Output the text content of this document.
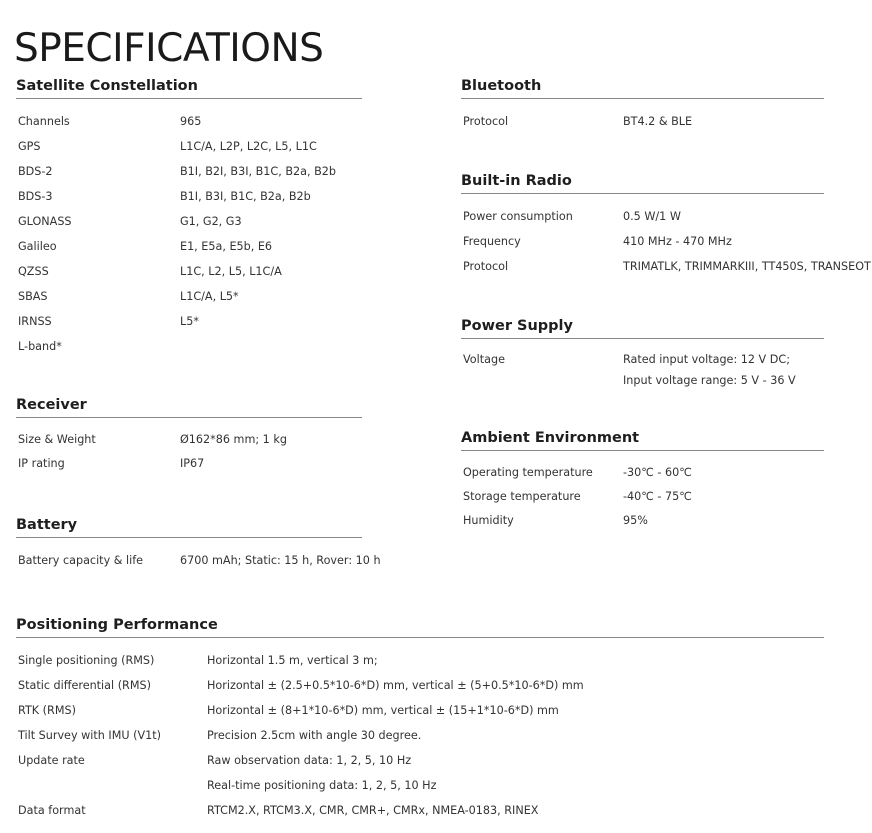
SPECIFICATIONS
Satellite Constellation
Channels	965
GPS	L1C/A, L2P, L2C, L5, L1C
BDS-2	B1I, B2I, B3I, B1C, B2a, B2b
BDS-3	B1I, B3I, B1C, B2a, B2b
GLONASS	G1, G2, G3
Galileo	E1, E5a, E5b, E6
QZSS	L1C, L2, L5, L1C/A
SBAS	L1C/A, L5*
IRNSS	L5*
L-band*
Receiver
Size & Weight	Ø162*86 mm; 1 kg
IP rating	IP67
Battery
Battery capacity & life	6700 mAh; Static: 15 h, Rover: 10 h
Bluetooth
Protocol	BT4.2 & BLE
Built-in Radio
Power consumption	0.5 W/1 W
Frequency	410 MHz - 470 MHz
Protocol	TRIMATLK, TRIMMARKIII, TT450S, TRANSEOT
Power Supply
Voltage	Rated input voltage: 12 V DC;
Input voltage range: 5 V - 36 V
Ambient Environment
Operating temperature	-30℃ - 60℃
Storage temperature	-40℃ - 75℃
Humidity	95%
Positioning Performance
Single positioning (RMS)	Horizontal 1.5 m, vertical 3 m;
Static differential (RMS)	Horizontal ± (2.5+0.5*10-6*D) mm, vertical ± (5+0.5*10-6*D) mm
RTK (RMS)	Horizontal ± (8+1*10-6*D) mm, vertical ± (15+1*10-6*D) mm
Tilt Survey with IMU (V1t)	Precision 2.5cm with angle 30 degree.
Update rate	Raw observation data: 1, 2, 5, 10 Hz
Real-time positioning data: 1, 2, 5, 10 Hz
Data format	RTCM2.X, RTCM3.X, CMR, CMR+, CMRx, NMEA-0183, RINEX
